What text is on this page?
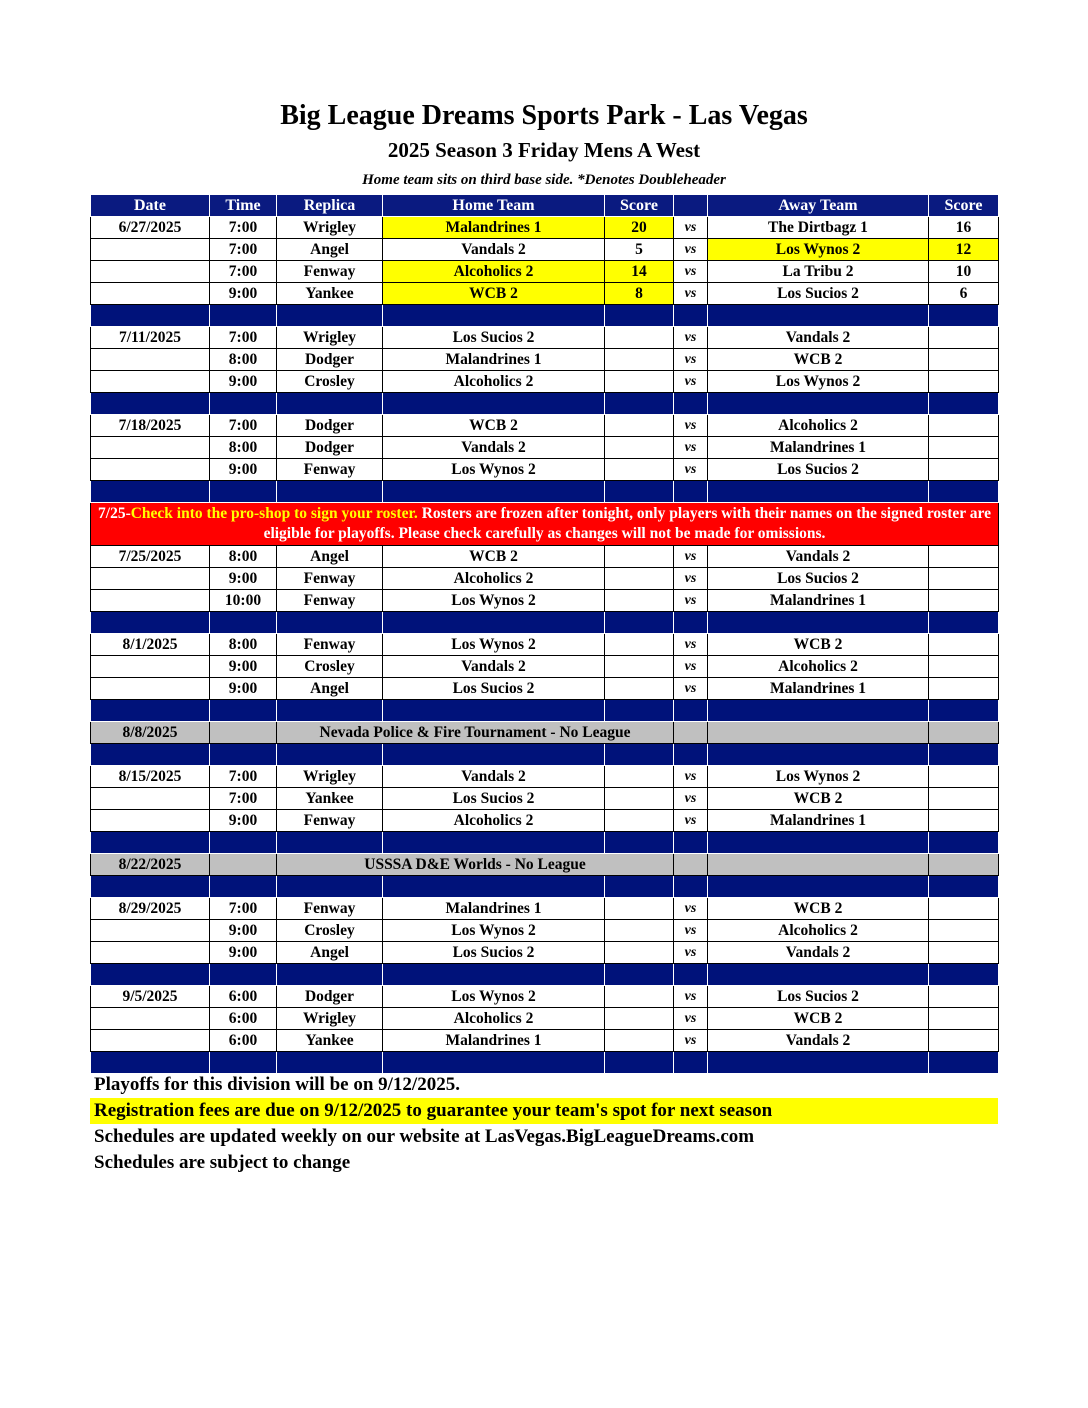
Big League Dreams Sports Park - Las Vegas
2025 Season 3 Friday Mens A West
Home team sits on third base side. *Denotes Doubleheader
Date	Time	Replica	Home Team	Score		Away Team	Score
6/27/2025	7:00	Wrigley	Malandrines 1	20	vs	The Dirtbagz 1	16
	7:00	Angel	Vandals 2	5	vs	Los Wynos 2	12
	7:00	Fenway	Alcoholics 2	14	vs	La Tribu 2	10
	9:00	Yankee	WCB 2	8	vs	Los Sucios 2	6

7/11/2025	7:00	Wrigley	Los Sucios 2		vs	Vandals 2	
	8:00	Dodger	Malandrines 1		vs	WCB 2	
	9:00	Crosley	Alcoholics 2		vs	Los Wynos 2	

7/18/2025	7:00	Dodger	WCB 2		vs	Alcoholics 2	
	8:00	Dodger	Vandals 2		vs	Malandrines 1	
	9:00	Fenway	Los Wynos 2		vs	Los Sucios 2	

7/25-Check into the pro-shop to sign your roster. Rosters are frozen after tonight, only players with their names on the signed roster are eligible for playoffs. Please check carefully as changes will not be made for omissions.							
7/25/2025	8:00	Angel	WCB 2		vs	Vandals 2	
	9:00	Fenway	Alcoholics 2		vs	Los Sucios 2	
	10:00	Fenway	Los Wynos 2		vs	Malandrines 1	

8/1/2025	8:00	Fenway	Los Wynos 2		vs	WCB 2	
	9:00	Crosley	Vandals 2		vs	Alcoholics 2	
	9:00	Angel	Los Sucios 2		vs	Malandrines 1	

8/8/2025		Nevada Police & Fire Tournament - No League					

8/15/2025	7:00	Wrigley	Vandals 2		vs	Los Wynos 2	
	7:00	Yankee	Los Sucios 2		vs	WCB 2	
	9:00	Fenway	Alcoholics 2		vs	Malandrines 1	

8/22/2025		USSSA D&E Worlds - No League					

8/29/2025	7:00	Fenway	Malandrines 1		vs	WCB 2	
	9:00	Crosley	Los Wynos 2		vs	Alcoholics 2	
	9:00	Angel	Los Sucios 2		vs	Vandals 2	

9/5/2025	6:00	Dodger	Los Wynos 2		vs	Los Sucios 2	
	6:00	Wrigley	Alcoholics 2		vs	WCB 2	
	6:00	Yankee	Malandrines 1		vs	Vandals 2	

Playoffs for this division will be on 9/12/2025.
Registration fees are due on 9/12/2025 to guarantee your team's spot for next season
Schedules are updated weekly on our website at LasVegas.BigLeagueDreams.com
Schedules are subject to change
